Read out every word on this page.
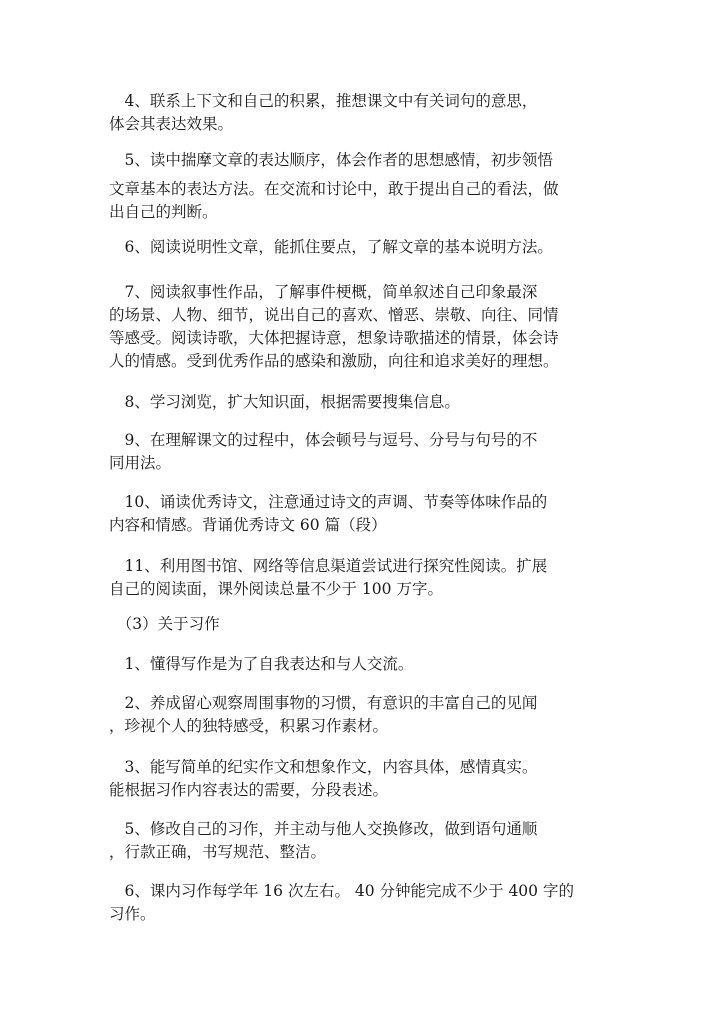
　4、联系上下文和自己的积累，推想课文中有关词句的意思，
体会其表达效果。
　5、读中揣摩文章的表达顺序，体会作者的思想感情，初步领悟
文章基本的表达方法。在交流和讨论中，敢于提出自己的看法，做
出自己的判断。
　6、阅读说明性文章，能抓住要点，了解文章的基本说明方法。
　7、阅读叙事性作品，了解事件梗概，简单叙述自己印象最深
的场景、人物、细节，说出自己的喜欢、憎恶、崇敬、向往、同情
等感受。阅读诗歌，大体把握诗意，想象诗歌描述的情景，体会诗
人的情感。受到优秀作品的感染和激励，向往和追求美好的理想。
　8、学习浏览，扩大知识面，根据需要搜集信息。
　9、在理解课文的过程中，体会顿号与逗号、分号与句号的不
同用法。
　10、诵读优秀诗文，注意通过诗文的声调、节奏等体味作品的
内容和情感。背诵优秀诗文 60 篇（段）
　11、利用图书馆、网络等信息渠道尝试进行探究性阅读。扩展
自己的阅读面，课外阅读总量不少于 100 万字。
　（3）关于习作
　1、懂得写作是为了自我表达和与人交流。
　2、养成留心观察周围事物的习惯，有意识的丰富自己的见闻
，珍视个人的独特感受，积累习作素材。
　3、能写简单的纪实作文和想象作文，内容具体，感情真实。
能根据习作内容表达的需要，分段表述。
　5、修改自己的习作，并主动与他人交换修改，做到语句通顺
，行款正确，书写规范、整洁。
　6、课内习作每学年 16 次左右。 40 分钟能完成不少于 400 字的
习作。
